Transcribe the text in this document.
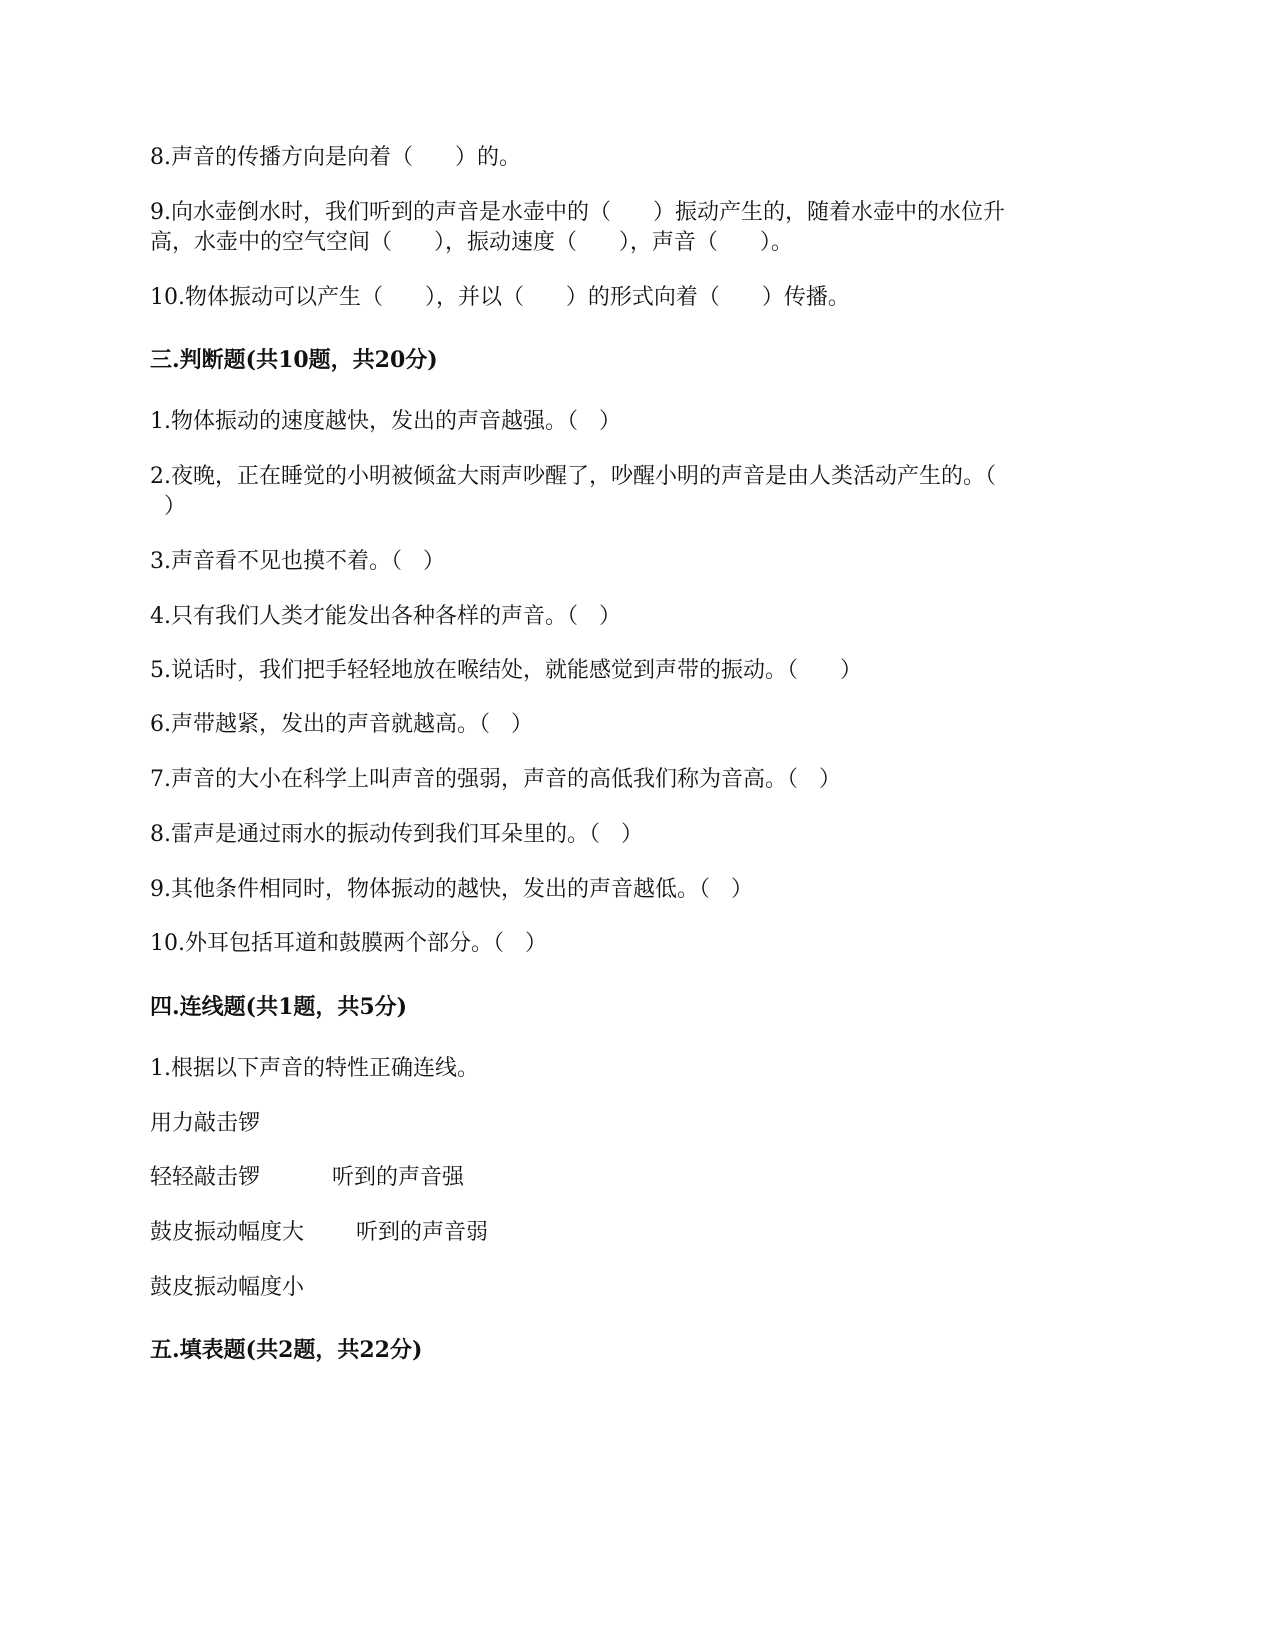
8.声音的传播方向是向着（      ）的。
9.向水壶倒水时，我们听到的声音是水壶中的（      ）振动产生的，随着水壶中的水位升
高，水壶中的空气空间（      ），振动速度（      ），声音（      ）。
10.物体振动可以产生（      ），并以（      ）的形式向着（      ）传播。
三.判断题(共10题，共20分)
1.物体振动的速度越快，发出的声音越强。（   ）
2.夜晚，正在睡觉的小明被倾盆大雨声吵醒了，吵醒小明的声音是由人类活动产生的。（
）
3.声音看不见也摸不着。（   ）
4.只有我们人类才能发出各种各样的声音。（   ）
5.说话时，我们把手轻轻地放在喉结处，就能感觉到声带的振动。（      ）
6.声带越紧，发出的声音就越高。（   ）
7.声音的大小在科学上叫声音的强弱，声音的高低我们称为音高。（   ）
8.雷声是通过雨水的振动传到我们耳朵里的。（   ）
9.其他条件相同时，物体振动的越快，发出的声音越低。（   ）
10.外耳包括耳道和鼓膜两个部分。（   ）
四.连线题(共1题，共5分)
1.根据以下声音的特性正确连线。
用力敲击锣
轻轻敲击锣	听到的声音强
鼓皮振动幅度大 听到的声音弱
鼓皮振动幅度小
五.填表题(共2题，共22分)
